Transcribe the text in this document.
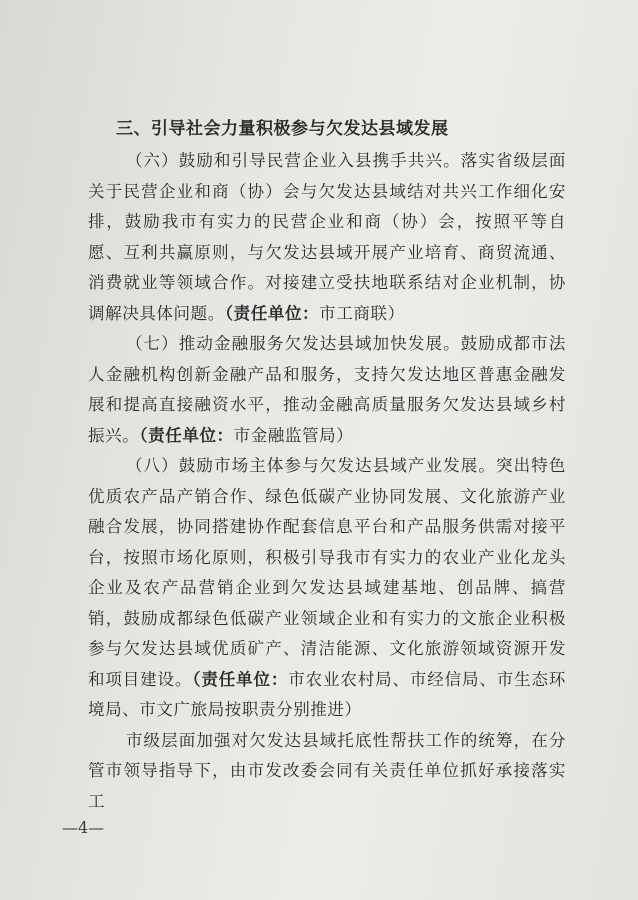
三、引导社会力量积极参与欠发达县域发展

（六）鼓励和引导民营企业入县携手共兴。落实省级层面关于民营企业和商（协）会与欠发达县域结对共兴工作细化安排，鼓励我市有实力的民营企业和商（协）会，按照平等自愿、互利共赢原则，与欠发达县域开展产业培育、商贸流通、消费就业等领域合作。对接建立受扶地联系结对企业机制，协调解决具体问题。（责任单位：市工商联）

（七）推动金融服务欠发达县域加快发展。鼓励成都市法人金融机构创新金融产品和服务，支持欠发达地区普惠金融发展和提高直接融资水平，推动金融高质量服务欠发达县域乡村振兴。（责任单位：市金融监管局）

（八）鼓励市场主体参与欠发达县域产业发展。突出特色优质农产品产销合作、绿色低碳产业协同发展、文化旅游产业融合发展，协同搭建协作配套信息平台和产品服务供需对接平台，按照市场化原则，积极引导我市有实力的农业产业化龙头企业及农产品营销企业到欠发达县域建基地、创品牌、搞营销，鼓励成都绿色低碳产业领域企业和有实力的文旅企业积极参与欠发达县域优质矿产、清洁能源、文化旅游领域资源开发和项目建设。（责任单位：市农业农村局、市经信局、市生态环境局、市文广旅局按职责分别推进）

市级层面加强对欠发达县域托底性帮扶工作的统筹，在分管市领导指导下，由市发改委会同有关责任单位抓好承接落实工

—4—
